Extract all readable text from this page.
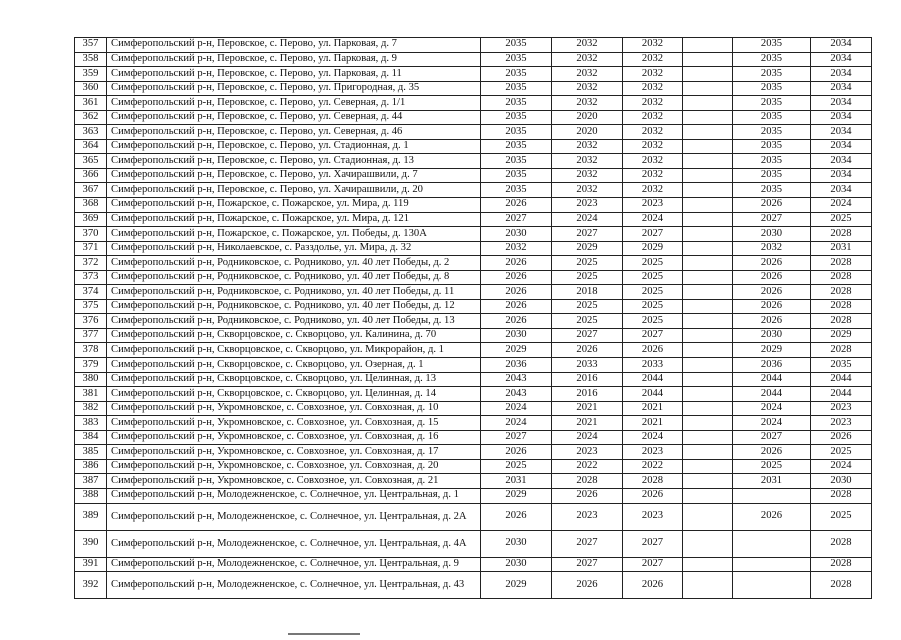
357	Симферопольский р-н, Перовское, с. Перово, ул. Парковая, д. 7	2035	2032	2032		2035	2034
358	Симферопольский р-н, Перовское, с. Перово, ул. Парковая, д. 9	2035	2032	2032		2035	2034
359	Симферопольский р-н, Перовское, с. Перово, ул. Парковая, д. 11	2035	2032	2032		2035	2034
360	Симферопольский р-н, Перовское, с. Перово, ул. Пригородная, д. 35	2035	2032	2032		2035	2034
361	Симферопольский р-н, Перовское, с. Перово, ул. Северная, д. 1/1	2035	2032	2032		2035	2034
362	Симферопольский р-н, Перовское, с. Перово, ул. Северная, д. 44	2035	2020	2032		2035	2034
363	Симферопольский р-н, Перовское, с. Перово, ул. Северная, д. 46	2035	2020	2032		2035	2034
364	Симферопольский р-н, Перовское, с. Перово, ул. Стадионная, д. 1	2035	2032	2032		2035	2034
365	Симферопольский р-н, Перовское, с. Перово, ул. Стадионная, д. 13	2035	2032	2032		2035	2034
366	Симферопольский р-н, Перовское, с. Перово, ул. Хачирашвили, д. 7	2035	2032	2032		2035	2034
367	Симферопольский р-н, Перовское, с. Перово, ул. Хачирашвили, д. 20	2035	2032	2032		2035	2034
368	Симферопольский р-н, Пожарское, с. Пожарское, ул. Мира, д. 119	2026	2023	2023		2026	2024
369	Симферопольский р-н, Пожарское, с. Пожарское, ул. Мира, д. 121	2027	2024	2024		2027	2025
370	Симферопольский р-н, Пожарское, с. Пожарское, ул. Победы, д. 130А	2030	2027	2027		2030	2028
371	Симферопольский р-н, Николаевское, с. Разздолье, ул. Мира, д. 32	2032	2029	2029		2032	2031
372	Симферопольский р-н, Родниковское, с. Родниково, ул. 40 лет Победы, д. 2	2026	2025	2025		2026	2028
373	Симферопольский р-н, Родниковское, с. Родниково, ул. 40 лет Победы, д. 8	2026	2025	2025		2026	2028
374	Симферопольский р-н, Родниковское, с. Родниково, ул. 40 лет Победы, д. 11	2026	2018	2025		2026	2028
375	Симферопольский р-н, Родниковское, с. Родниково, ул. 40 лет Победы, д. 12	2026	2025	2025		2026	2028
376	Симферопольский р-н, Родниковское, с. Родниково, ул. 40 лет Победы, д. 13	2026	2025	2025		2026	2028
377	Симферопольский р-н, Скворцовское, с. Скворцово, ул. Калинина, д. 70	2030	2027	2027		2030	2029
378	Симферопольский р-н, Скворцовское, с. Скворцово, ул. Микрорайон, д. 1	2029	2026	2026		2029	2028
379	Симферопольский р-н, Скворцовское, с. Скворцово, ул. Озерная, д. 1	2036	2033	2033		2036	2035
380	Симферопольский р-н, Скворцовское, с. Скворцово, ул. Целинная, д. 13	2043	2016	2044		2044	2044
381	Симферопольский р-н, Скворцовское, с. Скворцово, ул. Целинная, д. 14	2043	2016	2044		2044	2044
382	Симферопольский р-н, Укромновское, с. Совхозное, ул. Совхозная, д. 10	2024	2021	2021		2024	2023
383	Симферопольский р-н, Укромновское, с. Совхозное, ул. Совхозная, д. 15	2024	2021	2021		2024	2023
384	Симферопольский р-н, Укромновское, с. Совхозное, ул. Совхозная, д. 16	2027	2024	2024		2027	2026
385	Симферопольский р-н, Укромновское, с. Совхозное, ул. Совхозная, д. 17	2026	2023	2023		2026	2025
386	Симферопольский р-н, Укромновское, с. Совхозное, ул. Совхозная, д. 20	2025	2022	2022		2025	2024
387	Симферопольский р-н, Укромновское, с. Совхозное, ул. Совхозная, д. 21	2031	2028	2028		2031	2030
388	Симферопольский р-н, Молодежненское, с. Солнечное, ул. Центральная, д. 1	2029	2026	2026			2028
389	Симферопольский р-н, Молодежненское, с. Солнечное, ул. Центральная, д. 2А	2026	2023	2023		2026	2025
390	Симферопольский р-н, Молодежненское, с. Солнечное, ул. Центральная, д. 4А	2030	2027	2027			2028
391	Симферопольский р-н, Молодежненское, с. Солнечное, ул. Центральная, д. 9	2030	2027	2027			2028
392	Симферопольский р-н, Молодежненское, с. Солнечное, ул. Центральная, д. 43	2029	2026	2026			2028
